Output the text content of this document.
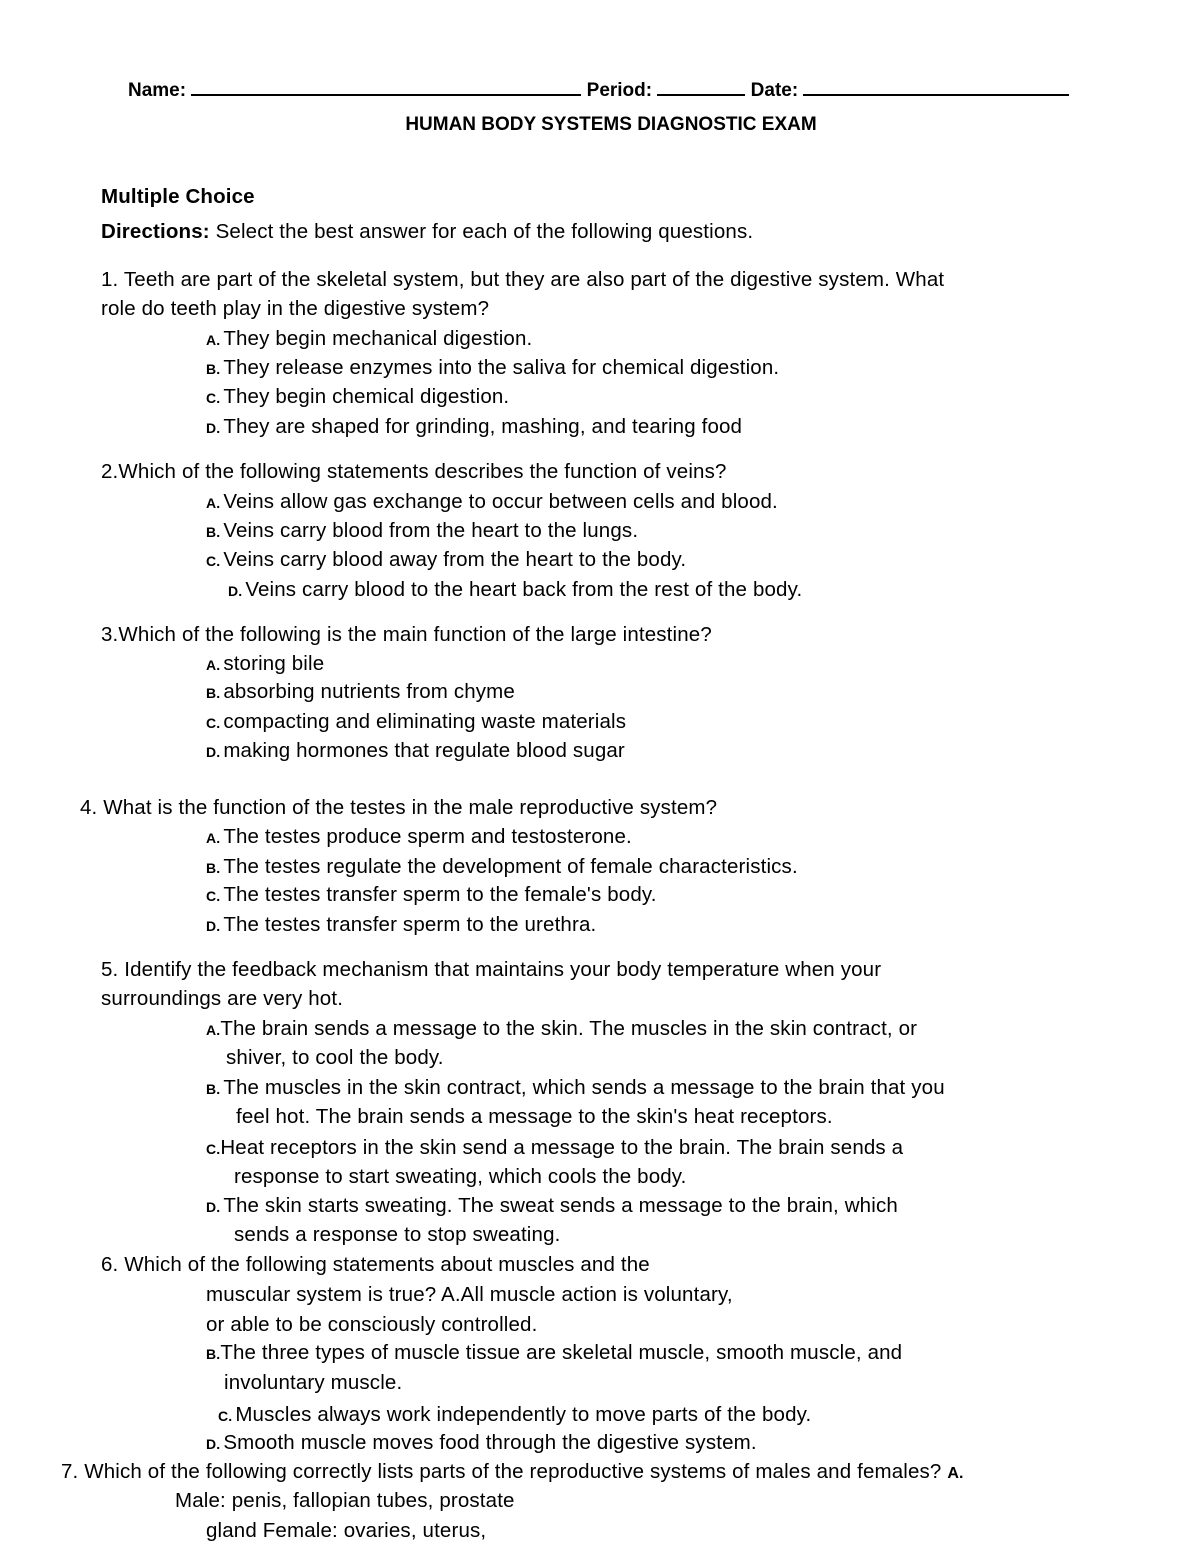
Name:	Period:	Date:
HUMAN BODY SYSTEMS DIAGNOSTIC EXAM
Multiple Choice
Directions: Select the best answer for each of the following questions.
1. Teeth are part of the skeletal system, but they are also part of the digestive system. What
role do teeth play in the digestive system?
A. They begin mechanical digestion.
B. They release enzymes into the saliva for chemical digestion.
C. They begin chemical digestion.
D. They are shaped for grinding, mashing, and tearing food
2.Which of the following statements describes the function of veins?
A. Veins allow gas exchange to occur between cells and blood.
B. Veins carry blood from the heart to the lungs.
C. Veins carry blood away from the heart to the body.
D. Veins carry blood to the heart back from the rest of the body.
3.Which of the following is the main function of the large intestine?
A. storing bile
B. absorbing nutrients from chyme
C. compacting and eliminating waste materials
D. making hormones that regulate blood sugar
4. What is the function of the testes in the male reproductive system?
A. The testes produce sperm and testosterone.
B. The testes regulate the development of female characteristics.
C. The testes transfer sperm to the female's body.
D. The testes transfer sperm to the urethra.
5. Identify the feedback mechanism that maintains your body temperature when your
surroundings are very hot.
A.The brain sends a message to the skin. The muscles in the skin contract, or
shiver, to cool the body.
B. The muscles in the skin contract, which sends a message to the brain that you
feel hot. The brain sends a message to the skin's heat receptors.
C.Heat receptors in the skin send a message to the brain. The brain sends a
response to start sweating, which cools the body.
D. The skin starts sweating. The sweat sends a message to the brain, which
sends a response to stop sweating.
6. Which of the following statements about muscles and the
muscular system is true? A.All muscle action is voluntary,
or able to be consciously controlled.
B.The three types of muscle tissue are skeletal muscle, smooth muscle, and
involuntary muscle.
C. Muscles always work independently to move parts of the body.
D. Smooth muscle moves food through the digestive system.
7. Which of the following correctly lists parts of the reproductive systems of males and females? A.
Male: penis, fallopian tubes, prostate
gland Female: ovaries, uterus,
